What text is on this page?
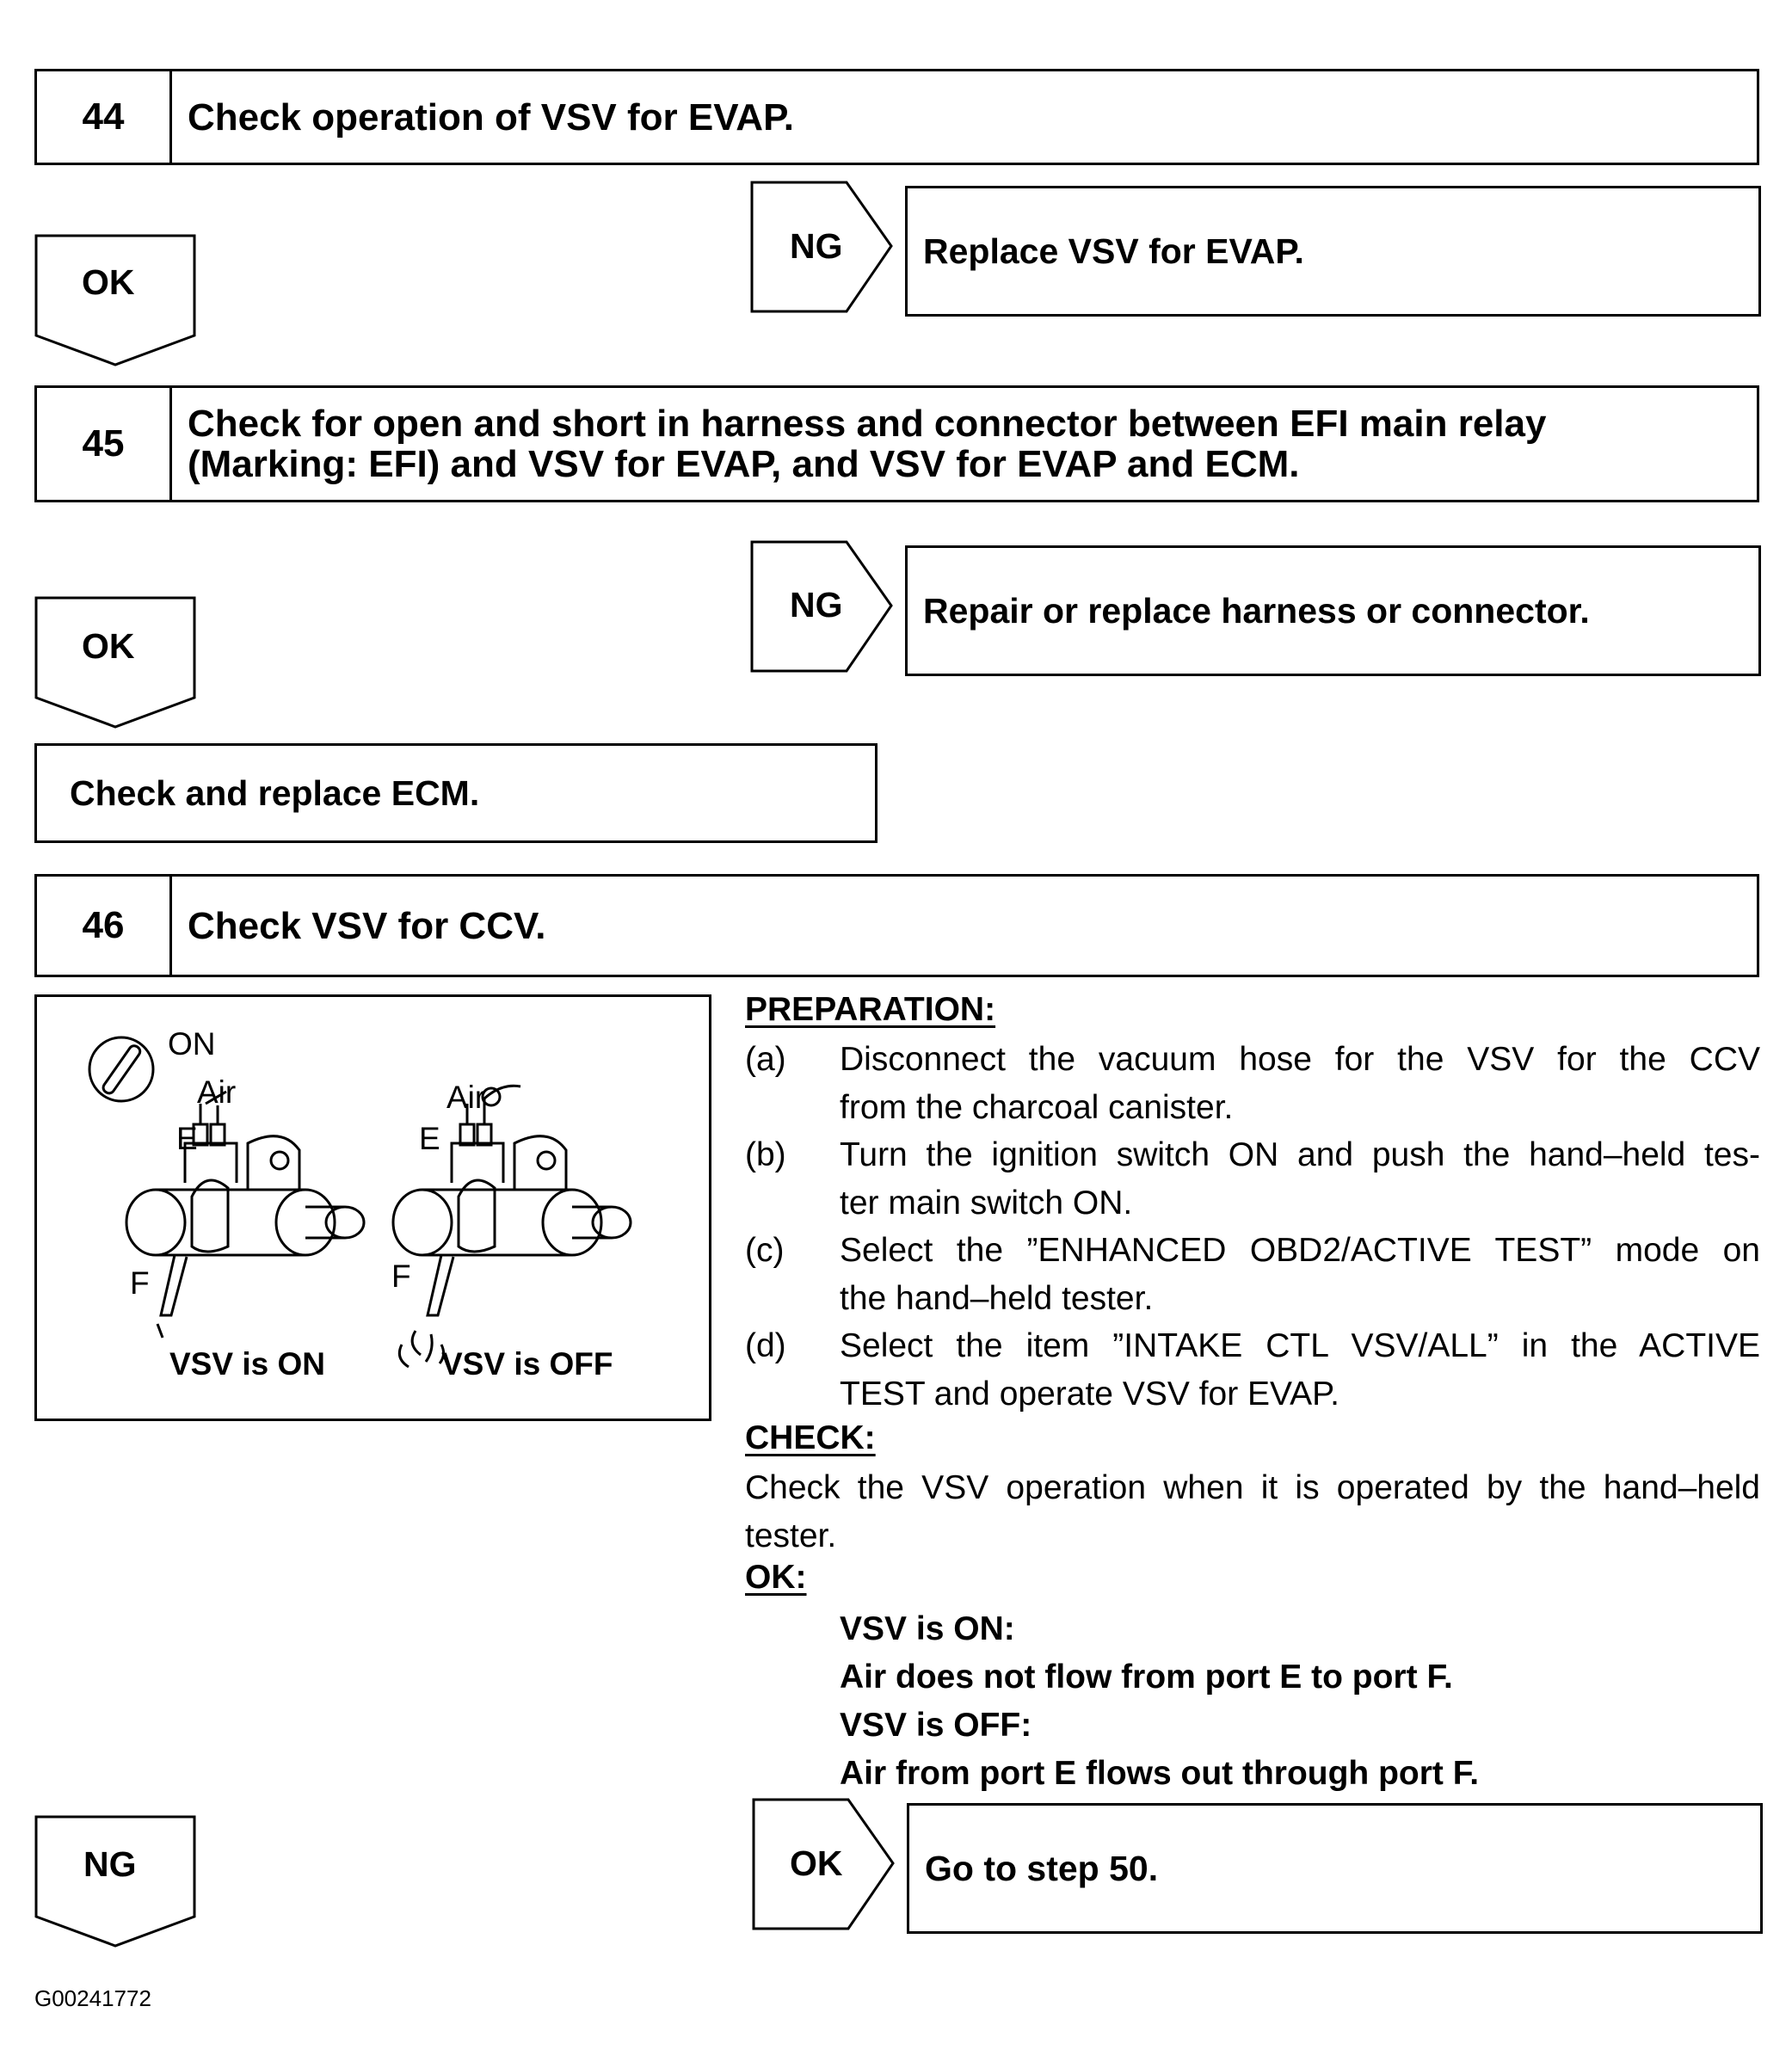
44	Check operation of VSV for EVAP.
OK
NG	Replace VSV for EVAP.
45	Check for open and short in harness and connector between EFI main relay
(Marking: EFI) and VSV for EVAP, and VSV for EVAP and ECM.
OK
NG	Repair or replace harness or connector.
Check and replace ECM.
46	Check VSV for CCV.
ON
Air	Air
E	E
F	F
VSV is ON	VSV is OFF
PREPARATION:
(a) Disconnect the vacuum hose for the VSV for the CCV
from the charcoal canister.
(b) Turn the ignition switch ON and push the hand–held tes-
ter main switch ON.
(c) Select the ”ENHANCED OBD2/ACTIVE TEST” mode on
the hand–held tester.
(d) Select the item ”INTAKE CTL VSV/ALL” in the ACTIVE
TEST and operate VSV for EVAP.
CHECK:
Check the VSV operation when it is operated by the hand–held
tester.
OK:
VSV is ON:
Air does not flow from port E to port F.
VSV is OFF:
Air from port E flows out through port F.
NG	OK	Go to step 50.
G00241772
